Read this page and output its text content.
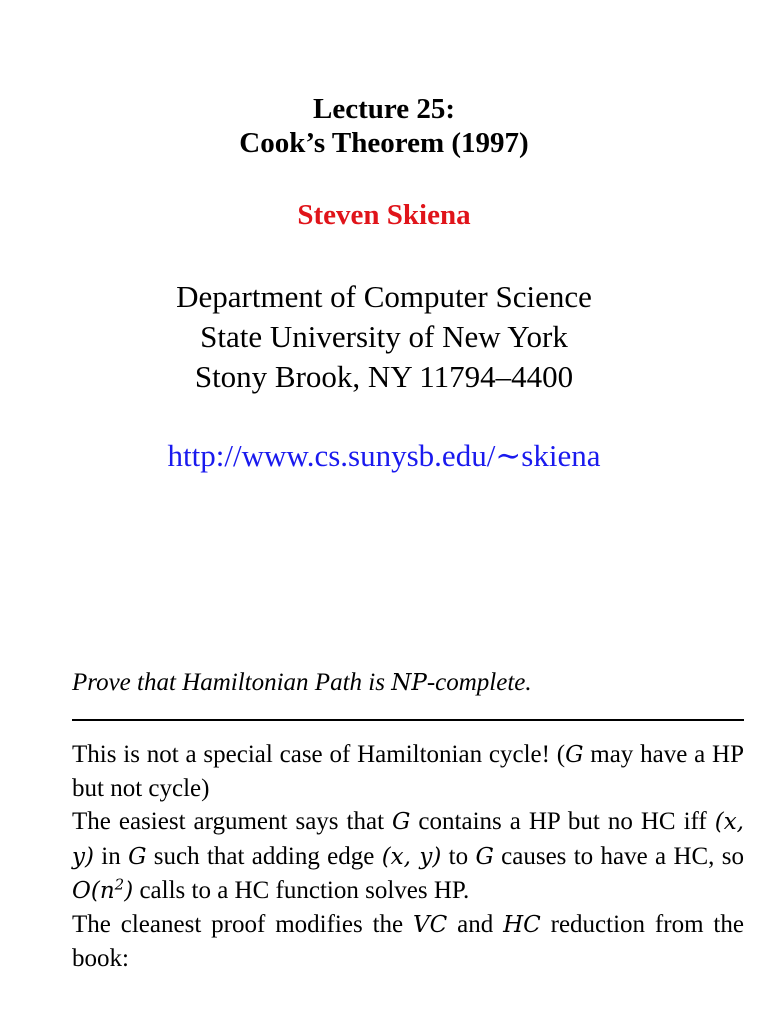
Lecture 25:
Cook’s Theorem (1997)
Steven Skiena
Department of Computer Science
State University of New York
Stony Brook, NY 11794–4400
http://www.cs.sunysb.edu/∼skiena
Prove that Hamiltonian Path is NP-complete.

This is not a special case of Hamiltonian cycle! (G may have a HP but not cycle)

The easiest argument says that G contains a HP but no HC iff (x, y) in G such that adding edge (x, y) to G causes to have a HC, so $O(n^2)$ calls to a HC function solves HP.

The cleanest proof modifies the VC and HC reduction from the book:
